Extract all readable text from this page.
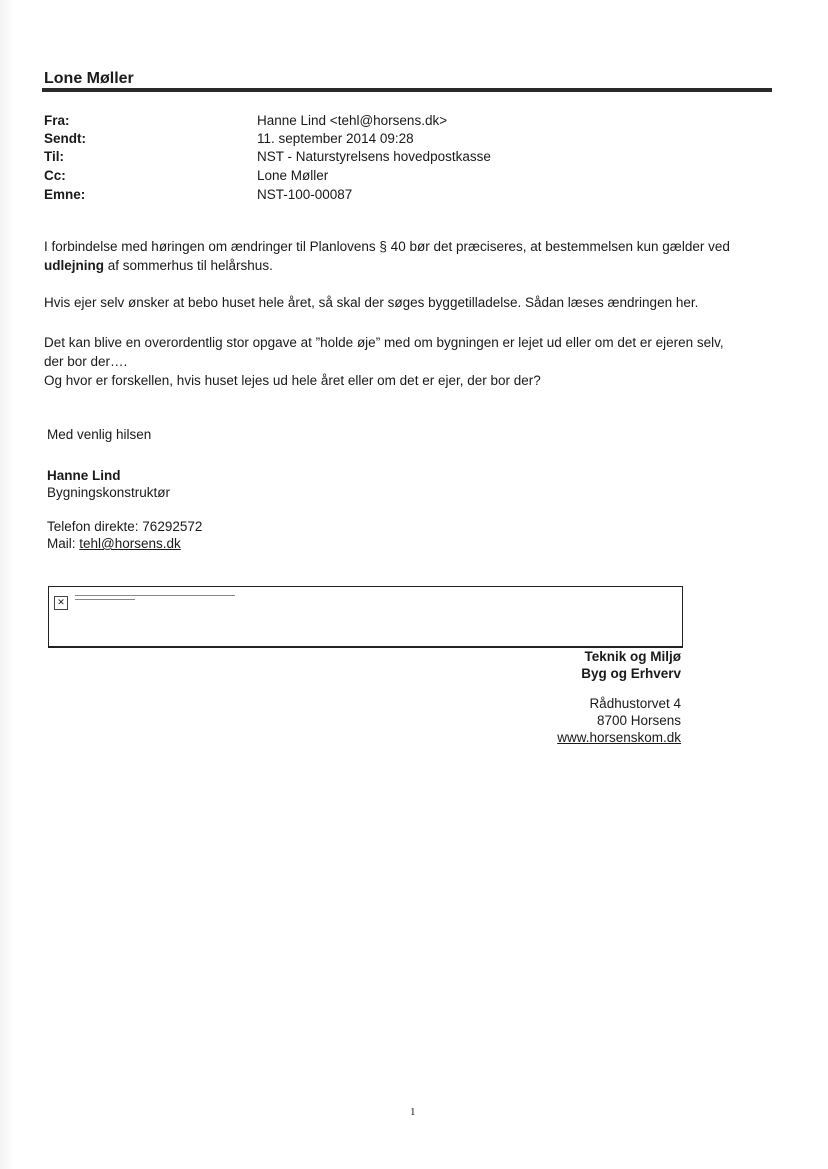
Lone Møller
Fra:	Hanne Lind <tehl@horsens.dk>
Sendt:	11. september 2014 09:28
Til:	NST - Naturstyrelsens hovedpostkasse
Cc:	Lone Møller
Emne:	NST-100-00087
I forbindelse med høringen om ændringer til Planlovens § 40 bør det præciseres, at bestemmelsen kun gælder ved
udlejning af sommerhus til helårshus.
Hvis ejer selv ønsker at bebo huset hele året, så skal der søges byggetilladelse. Sådan læses ændringen her.
Det kan blive en overordentlig stor opgave at ”holde øje” med om bygningen er lejet ud eller om det er ejeren selv,
der bor der….
Og hvor er forskellen, hvis huset lejes ud hele året eller om det er ejer, der bor der?
Med venlig hilsen
Hanne Lind
Bygningskonstruktør
Telefon direkte: 76292572
Mail: tehl@horsens.dk
✕
Teknik og Miljø
Byg og Erhverv
Rådhustorvet 4
8700 Horsens
www.horsenskom.dk
1
